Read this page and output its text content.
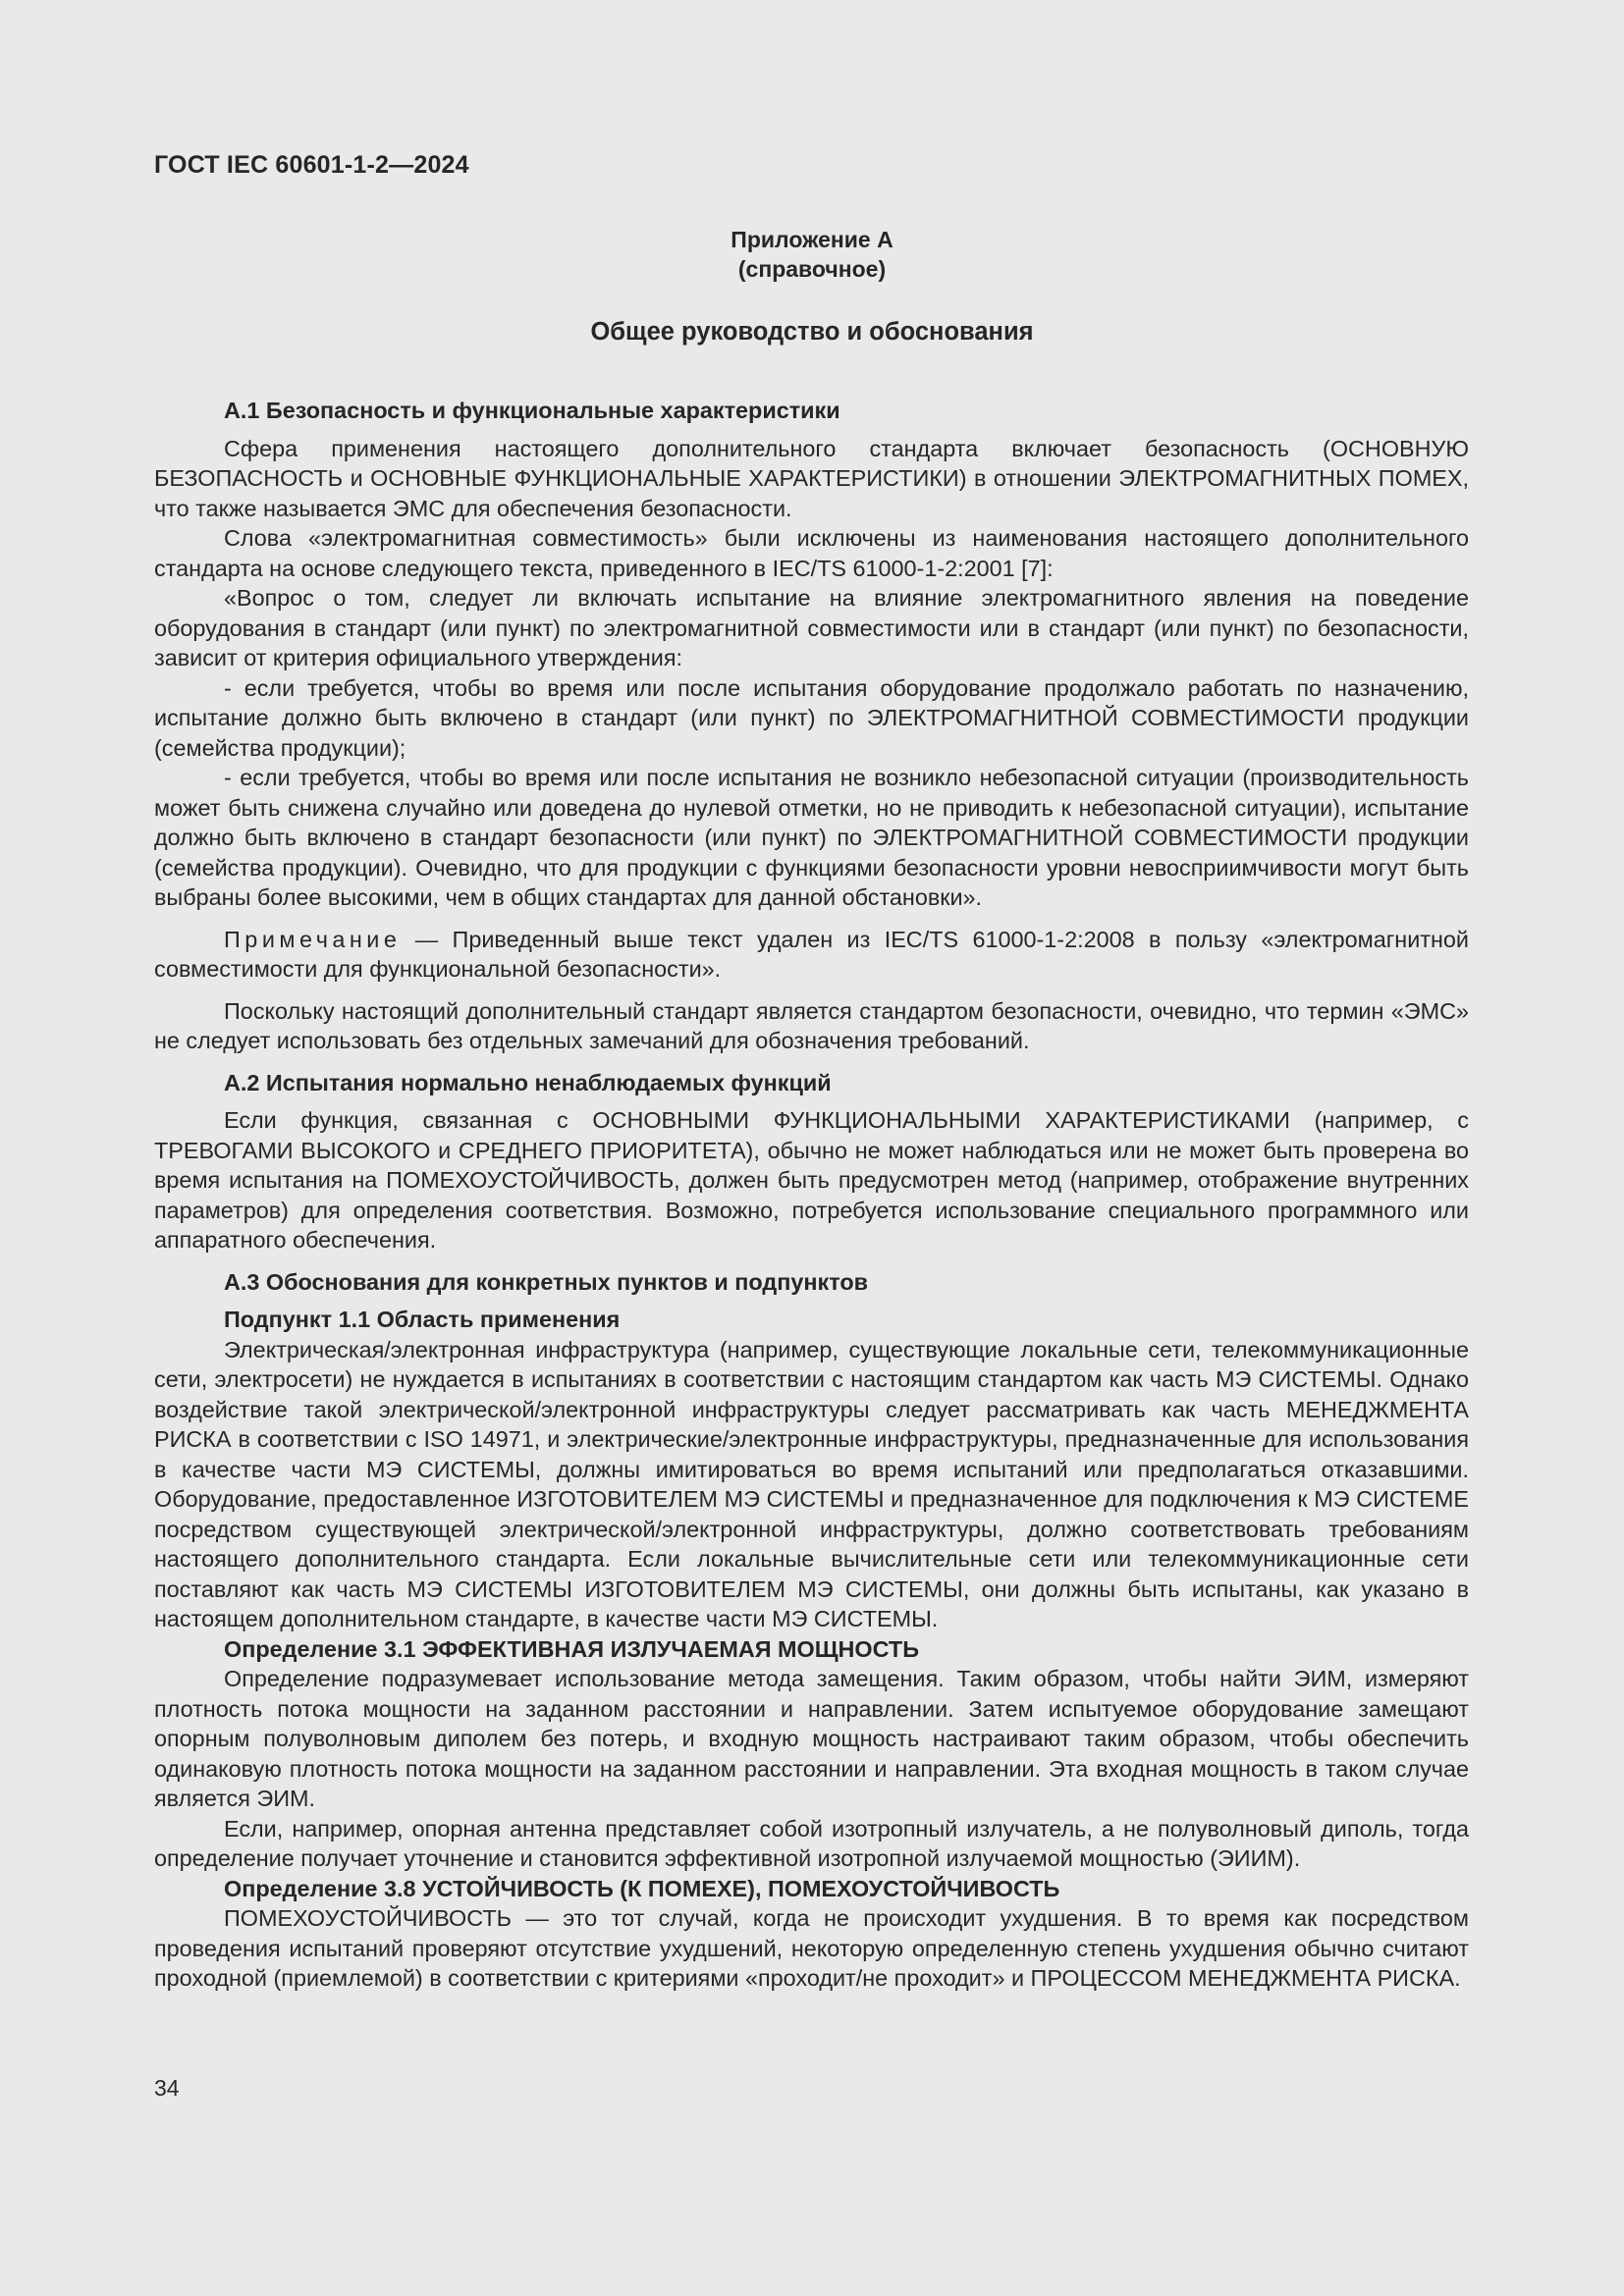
ГОСТ IEC 60601-1-2—2024
Приложение А
(справочное)
Общее руководство и обоснования

А.1 Безопасность и функциональные характеристики

Сфера применения настоящего дополнительного стандарта включает безопасность (ОСНОВНУЮ БЕЗОПАСНОСТЬ и ОСНОВНЫЕ ФУНКЦИОНАЛЬНЫЕ ХАРАКТЕРИСТИКИ) в отношении ЭЛЕКТРОМАГНИТНЫХ ПОМЕХ, что также называется ЭМС для обеспечения безопасности.

Слова «электромагнитная совместимость» были исключены из наименования настоящего дополнительного стандарта на основе следующего текста, приведенного в IEC/TS 61000-1-2:2001 [7]:

«Вопрос о том, следует ли включать испытание на влияние электромагнитного явления на поведение оборудования в стандарт (или пункт) по электромагнитной совместимости или в стандарт (или пункт) по безопасности, зависит от критерия официального утверждения:

- если требуется, чтобы во время или после испытания оборудование продолжало работать по назначению, испытание должно быть включено в стандарт (или пункт) по ЭЛЕКТРОМАГНИТНОЙ СОВМЕСТИМОСТИ продукции (семейства продукции);

- если требуется, чтобы во время или после испытания не возникло небезопасной ситуации (производительность может быть снижена случайно или доведена до нулевой отметки, но не приводить к небезопасной ситуации), испытание должно быть включено в стандарт безопасности (или пункт) по ЭЛЕКТРОМАГНИТНОЙ СОВМЕСТИМОСТИ продукции (семейства продукции). Очевидно, что для продукции с функциями безопасности уровни невосприимчивости могут быть выбраны более высокими, чем в общих стандартах для данной обстановки».

Примечание — Приведенный выше текст удален из IEC/TS 61000-1-2:2008 в пользу «электромагнитной совместимости для функциональной безопасности».

Поскольку настоящий дополнительный стандарт является стандартом безопасности, очевидно, что термин «ЭМС» не следует использовать без отдельных замечаний для обозначения требований.

А.2 Испытания нормально ненаблюдаемых функций

Если функция, связанная с ОСНОВНЫМИ ФУНКЦИОНАЛЬНЫМИ ХАРАКТЕРИСТИКАМИ (например, с ТРЕВОГАМИ ВЫСОКОГО и СРЕДНЕГО ПРИОРИТЕТА), обычно не может наблюдаться или не может быть проверена во время испытания на ПОМЕХОУСТОЙЧИВОСТЬ, должен быть предусмотрен метод (например, отображение внутренних параметров) для определения соответствия. Возможно, потребуется использование специального программного или аппаратного обеспечения.

А.3 Обоснования для конкретных пунктов и подпунктов

Подпункт 1.1 Область применения

Электрическая/электронная инфраструктура (например, существующие локальные сети, телекоммуникационные сети, электросети) не нуждается в испытаниях в соответствии с настоящим стандартом как часть МЭ СИСТЕМЫ. Однако воздействие такой электрической/электронной инфраструктуры следует рассматривать как часть МЕНЕДЖМЕНТА РИСКА в соответствии с ISO 14971, и электрические/электронные инфраструктуры, предназначенные для использования в качестве части МЭ СИСТЕМЫ, должны имитироваться во время испытаний или предполагаться отказавшими. Оборудование, предоставленное ИЗГОТОВИТЕЛЕМ МЭ СИСТЕМЫ и предназначенное для подключения к МЭ СИСТЕМЕ посредством существующей электрической/электронной инфраструктуры, должно соответствовать требованиям настоящего дополнительного стандарта. Если локальные вычислительные сети или телекоммуникационные сети поставляют как часть МЭ СИСТЕМЫ ИЗГОТОВИТЕЛЕМ МЭ СИСТЕМЫ, они должны быть испытаны, как указано в настоящем дополнительном стандарте, в качестве части МЭ СИСТЕМЫ.

Определение 3.1 ЭФФЕКТИВНАЯ ИЗЛУЧАЕМАЯ МОЩНОСТЬ

Определение подразумевает использование метода замещения. Таким образом, чтобы найти ЭИМ, измеряют плотность потока мощности на заданном расстоянии и направлении. Затем испытуемое оборудование замещают опорным полуволновым диполем без потерь, и входную мощность настраивают таким образом, чтобы обеспечить одинаковую плотность потока мощности на заданном расстоянии и направлении. Эта входная мощность в таком случае является ЭИМ.

Если, например, опорная антенна представляет собой изотропный излучатель, а не полуволновый диполь, тогда определение получает уточнение и становится эффективной изотропной излучаемой мощностью (ЭИИМ).

Определение 3.8 УСТОЙЧИВОСТЬ (К ПОМЕХЕ), ПОМЕХОУСТОЙЧИВОСТЬ

ПОМЕХОУСТОЙЧИВОСТЬ — это тот случай, когда не происходит ухудшения. В то время как посредством проведения испытаний проверяют отсутствие ухудшений, некоторую определенную степень ухудшения обычно считают проходной (приемлемой) в соответствии с критериями «проходит/не проходит» и ПРОЦЕССОМ МЕНЕДЖМЕНТА РИСКА.

34
